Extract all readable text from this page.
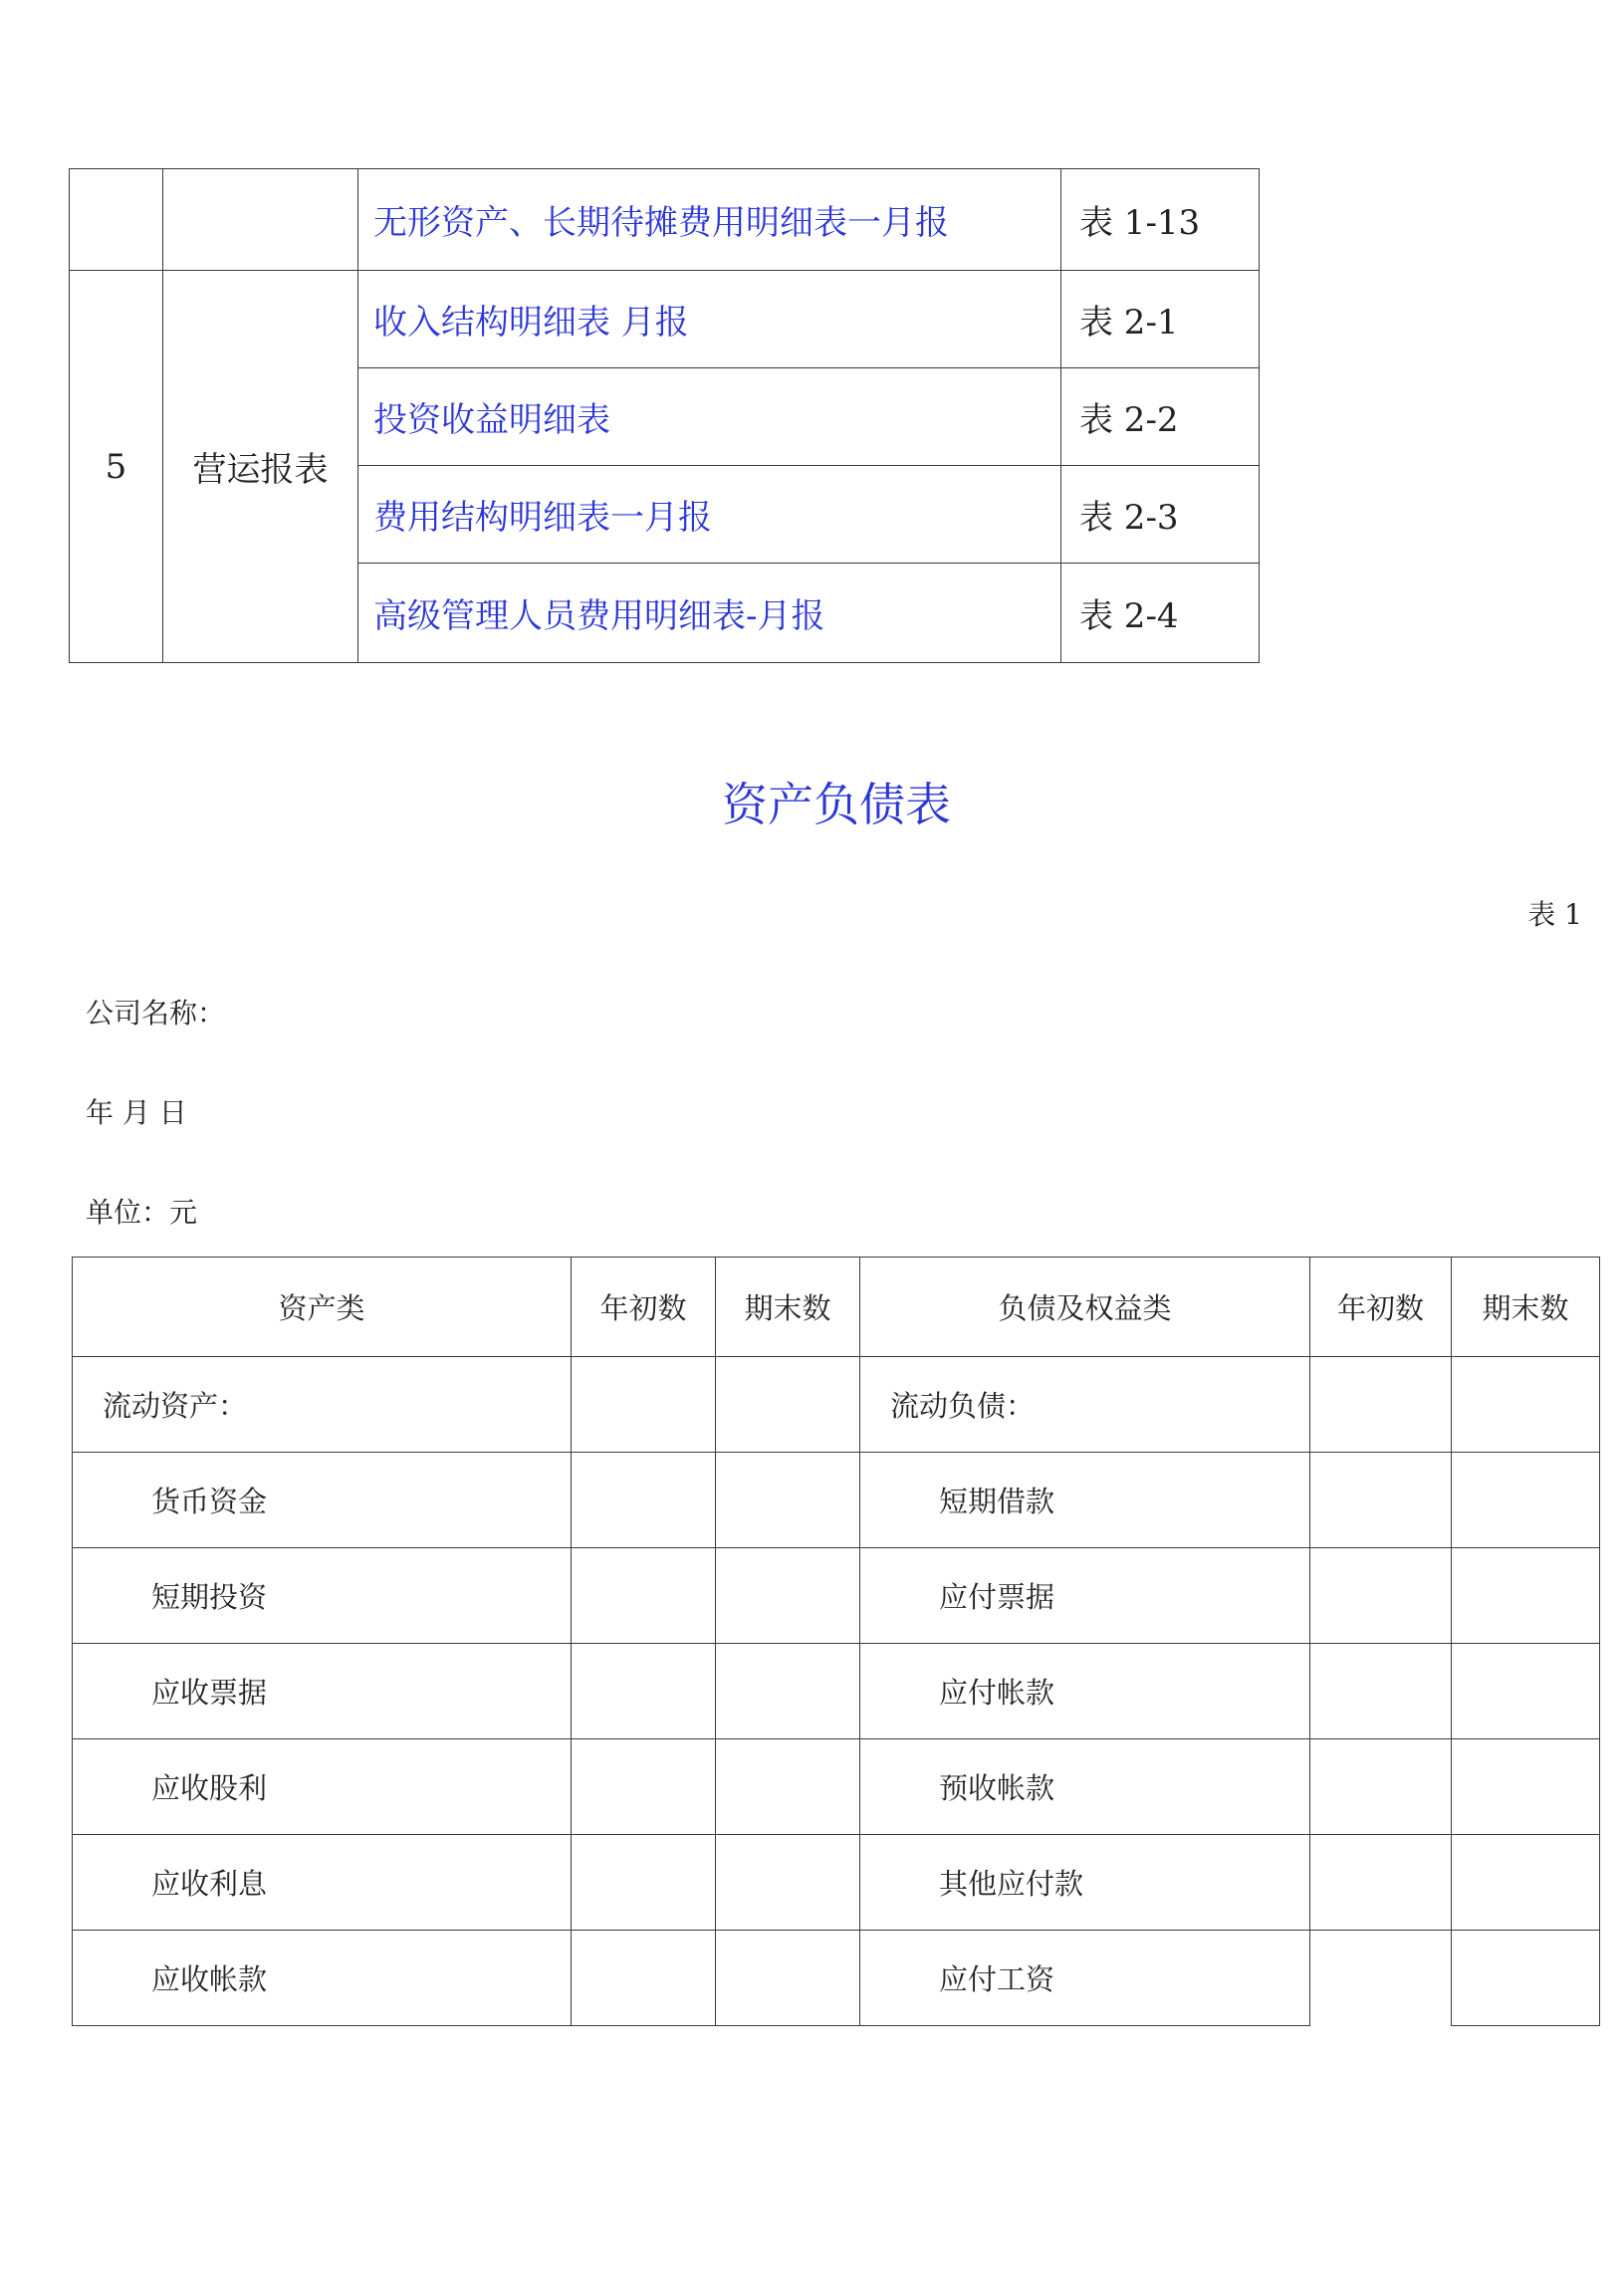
		无形资产、长期待摊费用明细表一月报	表 1-13
5	营运报表	收入结构明细表 月报	表 2-1
		投资收益明细表	表 2-2
		费用结构明细表一月报	表 2-3
		高级管理人员费用明细表-月报	表 2-4
资产负债表
表 1
公司名称：
年 月 日
单位：元
资产类	年初数	期末数	负债及权益类	年初数	期末数
流动资产：			流动负债：		
货币资金			短期借款		
短期投资			应付票据		
应收票据			应付帐款		
应收股利			预收帐款		
应收利息			其他应付款		
应收帐款			应付工资		
